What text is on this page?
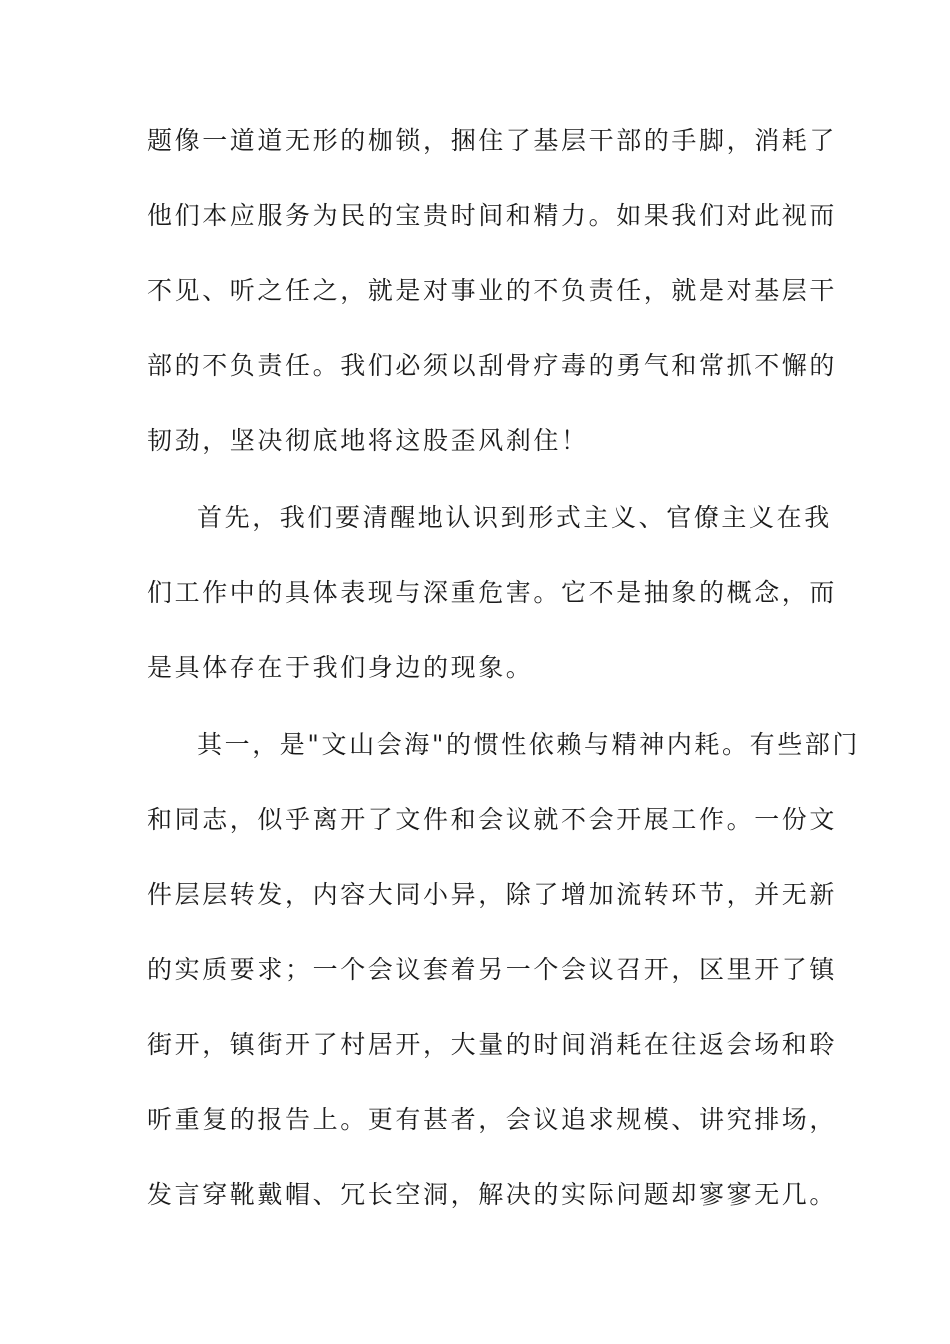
题像一道道无形的枷锁，捆住了基层干部的手脚，消耗了
他们本应服务为民的宝贵时间和精力。如果我们对此视而
不见、听之任之，就是对事业的不负责任，就是对基层干
部的不负责任。我们必须以刮骨疗毒的勇气和常抓不懈的
韧劲，坚决彻底地将这股歪风刹住！
首先，我们要清醒地认识到形式主义、官僚主义在我
们工作中的具体表现与深重危害。它不是抽象的概念，而
是具体存在于我们身边的现象。
其一，是"文山会海"的惯性依赖与精神内耗。有些部门
和同志，似乎离开了文件和会议就不会开展工作。一份文
件层层转发，内容大同小异，除了增加流转环节，并无新
的实质要求；一个会议套着另一个会议召开，区里开了镇
街开，镇街开了村居开，大量的时间消耗在往返会场和聆
听重复的报告上。更有甚者，会议追求规模、讲究排场，
发言穿靴戴帽、冗长空洞，解决的实际问题却寥寥无几。
